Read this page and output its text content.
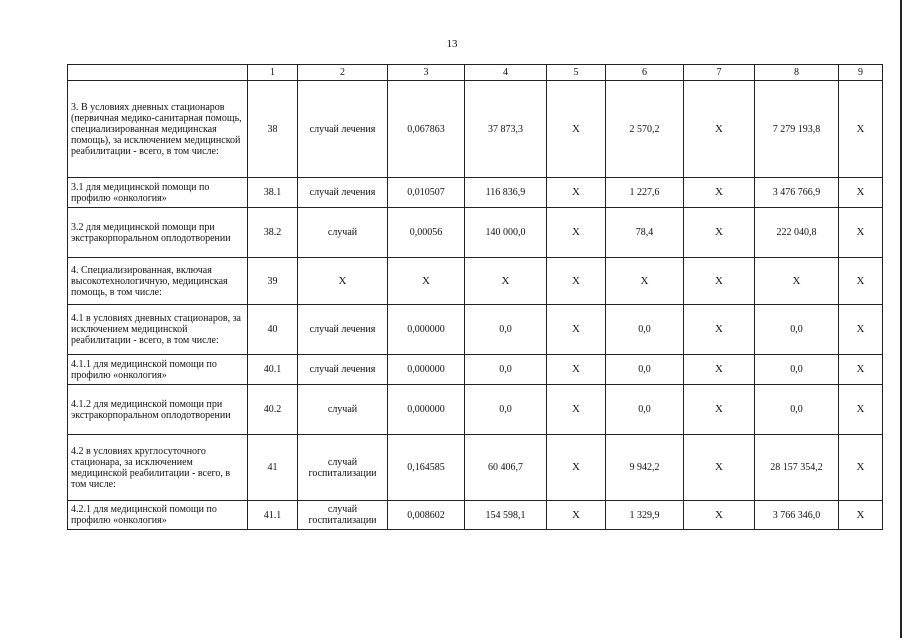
13
	1	2	3	4	5	6	7	8	9
3. В условиях дневных стационаров (первичная медико-санитарная помощь, специализированная медицинская помощь), за исключением медицинской реабилитации - всего, в том числе:	38	случай лечения	0,067863	37 873,3	X	2 570,2	X	7 279 193,8	X
3.1 для медицинской помощи по профилю «онкология»	38.1	случай лечения	0,010507	116 836,9	X	1 227,6	X	3 476 766,9	X
3.2 для медицинской помощи при экстракорпоральном оплодотворении	38.2	случай	0,00056	140 000,0	X	78,4	X	222 040,8	X
4. Специализированная, включая высокотехнологичную, медицинская помощь, в том числе:	39	X	X	X	X	X	X	X	X
4.1 в условиях дневных стационаров, за исключением медицинской реабилитации - всего, в том числе:	40	случай лечения	0,000000	0,0	X	0,0	X	0,0	X
4.1.1 для медицинской помощи по профилю «онкология»	40.1	случай лечения	0,000000	0,0	X	0,0	X	0,0	X
4.1.2 для медицинской помощи при экстракорпоральном оплодотворении	40.2	случай	0,000000	0,0	X	0,0	X	0,0	X
4.2 в условиях круглосуточного стационара, за исключением медицинской реабилитации - всего, в том числе:	41	случай госпитализации	0,164585	60 406,7	X	9 942,2	X	28 157 354,2	X
4.2.1 для медицинской помощи по профилю «онкология»	41.1	случай госпитализации	0,008602	154 598,1	X	1 329,9	X	3 766 346,0	X
